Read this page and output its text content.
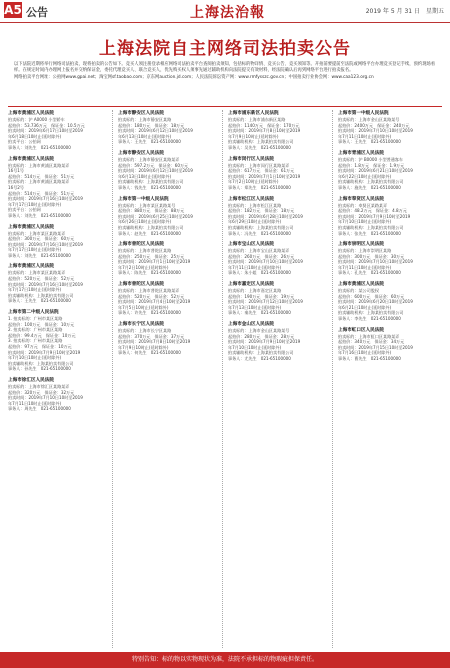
A5 公告	上海法治報	2019 年 5 月 31 日　星期五
上海法院自主网络司法拍卖公告

以下法院近期将举行网络司法拍卖，现将拍卖的公告如下。竞买人须注册登录相应网络司法拍卖平台查阅拍卖须知，包括标的物详情、竞买公告、竞买须知等。开拍前要提前至法院或网络平台办理竞买登记手续，预约现场看样。在规定时间内办理网上报名并交纳保证金，委托代理竞买人、联合竞买人，优先购买权人须事先通过辅助机构向法院提交有效材料，经法院确认后再到网络平台进行拍卖报名。

网络拍卖平台网址：公拍网www.gpai.net；淘宝网sf.taobao.com；京东网auction.jd.com；人民法院诉讼资产网：www.rmfysszc.gov.cn；中国拍卖行业协会网：www.caa123.org.cn

上海市黄浦区人民法院
拍卖标的：沪 A0000 小型轿车
起拍价：53.736万元　保证金：10.5万元
拍卖时间：2019年6月17日10时至2019
年6月18日10时止(延时除外)
拍卖平台：公拍网
事务人：刘先生　021-65100000
上海市黄浦区人民法院
拍卖标的：上海市黄浦区某路某弄
16号1号
起拍价：514万元　保证金：51万元
拍卖标的：上海市黄浦区某路某弄
16号2号
起拍价：514万元　保证金：51万元
拍卖时间：2019年7月16日10时至2019
年7月17日10时止(延时除外)
拍卖平台：公拍网
事务人：刘先生　021-65100000
上海市黄浦区人民法院
拍卖标的：上海市某区某路某弄
起拍价：300万元　保证金：60万元
拍卖时间：2019年7月16日10时至2019
年7月17日10时止(延时除外)
事务人：刘先生　021-65100000
上海市黄浦区人民法院
拍卖标的：上海市某区某路某弄
起拍价：520万元　保证金：52万元
拍卖时间：2019年7月16日10时至2019
年7月17日10时止(延时除外)
拍卖辅助机构：上海某拍卖有限公司
事务人：王先生　021-65100000
上海市第二中级人民法院
1. 拍卖标的：广州市某区某路
起拍价：100万元　保证金：10万元
2. 拍卖标的：广州市某区某路
起拍价：99.4万元　保证金：10万元
3. 拍卖标的：广州市某区某路
起拍价：97万元　保证金：10万元
拍卖时间：2019年7月9日10时至2019
年7月10日10时止(延时除外)
拍卖辅助机构：上海某拍卖有限公司
事务人：孙先生　021-65100000
上海市徐汇区人民法院
拍卖标的：上海市徐汇区某路某弄
起拍价：320万元　保证金：32万元
拍卖时间：2019年7月10日10时至2019
年7月11日10时止(延时除外)
事务人：周先生　021-65100000
上海市静安区人民法院
拍卖标的：上海市静安区某路
起拍价：180万元　保证金：18万元
拍卖时间：2019年6月12日10时至2019
年6月13日10时止(延时除外)
事务人：王先生　021-65100000
上海市静安区人民法院
拍卖标的：上海市静安区某路某弄
起拍价：597.2万元　保证金：60万元
拍卖时间：2019年6月12日10时至2019
年6月13日10时止(延时除外)
拍卖辅助机构：上海某拍卖有限公司
事务人：钱先生　021-65100000
上海市第一中级人民法院
拍卖标的：上海市某区某路某号
起拍价：880万元　保证金：88万元
拍卖时间：2019年6月25日10时至2019
年6月26日10时止(延时除外)
拍卖辅助机构：上海某拍卖有限公司
事务人：赵先生　021-65100000
上海市普陀区人民法院
拍卖标的：上海市普陀区某路
起拍价：250万元　保证金：25万元
拍卖时间：2019年7月1日10时至2019
年7月2日10时止(延时除外)
事务人：陈先生　021-65100000
上海市普陀区人民法院
拍卖标的：上海市普陀区某路某弄
起拍价：520万元　保证金：52万元
拍卖时间：2019年7月4日10时至2019
年7月5日10时止(延时除外)
事务人：许先生　021-65100000
上海市长宁区人民法院
拍卖标的：上海市长宁区某路
起拍价：370万元　保证金：37万元
拍卖时间：2019年7月8日10时至2019
年7月9日10时止(延时除外)
事务人：何先生　021-65100000
上海市浦东新区人民法院
拍卖标的：上海市浦东新区某路
起拍价：1140万元　保证金：170万元
拍卖时间：2019年7月8日10时至2019
年7月9日10时止(延时除外)
拍卖辅助机构：上海某拍卖有限公司
事务人：吴先生　021-65100000
上海市闵行区人民法院
拍卖标的：上海市闵行区某路某弄
起拍价：617万元　保证金：61万元
拍卖时间：2019年7月1日10时至2019
年7月2日10时止(延时除外)
事务人：郑先生　021-65100000
上海市松江区人民法院
拍卖标的：上海市松江区某路
起拍价：182万元　保证金：18万元
拍卖时间：2019年6月28日10时至2019
年6月29日10时止(延时除外)
拍卖辅助机构：上海某拍卖有限公司
事务人：冯先生　021-65100000
上海市宝山区人民法院
拍卖标的：上海市宝山区某路某弄
起拍价：260万元　保证金：26万元
拍卖时间：2019年7月10日10时至2019
年7月11日10时止(延时除外)
事务人：朱小姐　021-65100000
上海市嘉定区人民法院
拍卖标的：上海市嘉定区某路
起拍价：190万元　保证金：19万元
拍卖时间：2019年7月12日10时至2019
年7月13日10时止(延时除外)
事务人：秦先生　021-65100000
上海市金山区人民法院
拍卖标的：上海市金山区某路某号
起拍价：280万元　保证金：28万元
拍卖时间：2019年7月9日10时至2019
年7月10日10时止(延时除外)
拍卖辅助机构：上海某拍卖有限公司
事务人：尤先生　021-65100000
上海市第一中级人民法院
拍卖标的：上海市金山区某路某号
起拍价：2400万元　保证金：240万元
拍卖时间：2019年7月10日10时至2019
年7月11日10时止(延时除外)
事务人：王先生　021-65100000
上海市青浦区人民法院
拍卖标的：沪 B0000 小型普通客车
起拍价：1.8万元　保证金：1.9万元
拍卖时间：2019年6月21日10时至2019
年6月22日10时止(延时除外)
拍卖辅助机构：上海某拍卖有限公司
事务人：施先生　021-65100000
上海市奉贤区人民法院
拍卖标的：奉贤区某路某弄
起拍价：48.2万元　保证金：4.8万元
拍卖时间：2019年7月9日10时至2019
年7月10日10时止(延时除外)
拍卖辅助机构：上海某拍卖有限公司
事务人：张先生　021-65100000
上海市崇明区人民法院
拍卖标的：上海市崇明区某路
起拍价：300万元　保证金：30万元
拍卖时间：2019年7月10日10时至2019
年7月11日10时止(延时除外)
事务人：孔先生　021-65100000
上海市黄浦区人民法院
拍卖标的：某公司股权
起拍价：600万元　保证金：60万元
拍卖时间：2019年6月20日10时至2019
年6月21日10时止(延时除外)
拍卖辅助机构：上海某拍卖有限公司
事务人：李先生　021-65100000
上海市虹口区人民法院
拍卖标的：上海市虹口区某路某弄
起拍价：340万元　保证金：34万元
拍卖时间：2019年7月15日10时至2019
年7月16日10时止(延时除外)
事务人：曹先生　021-65100000
特别告知：标的物以实物现状为准，法院不承担标的物瑕疵担保责任。
